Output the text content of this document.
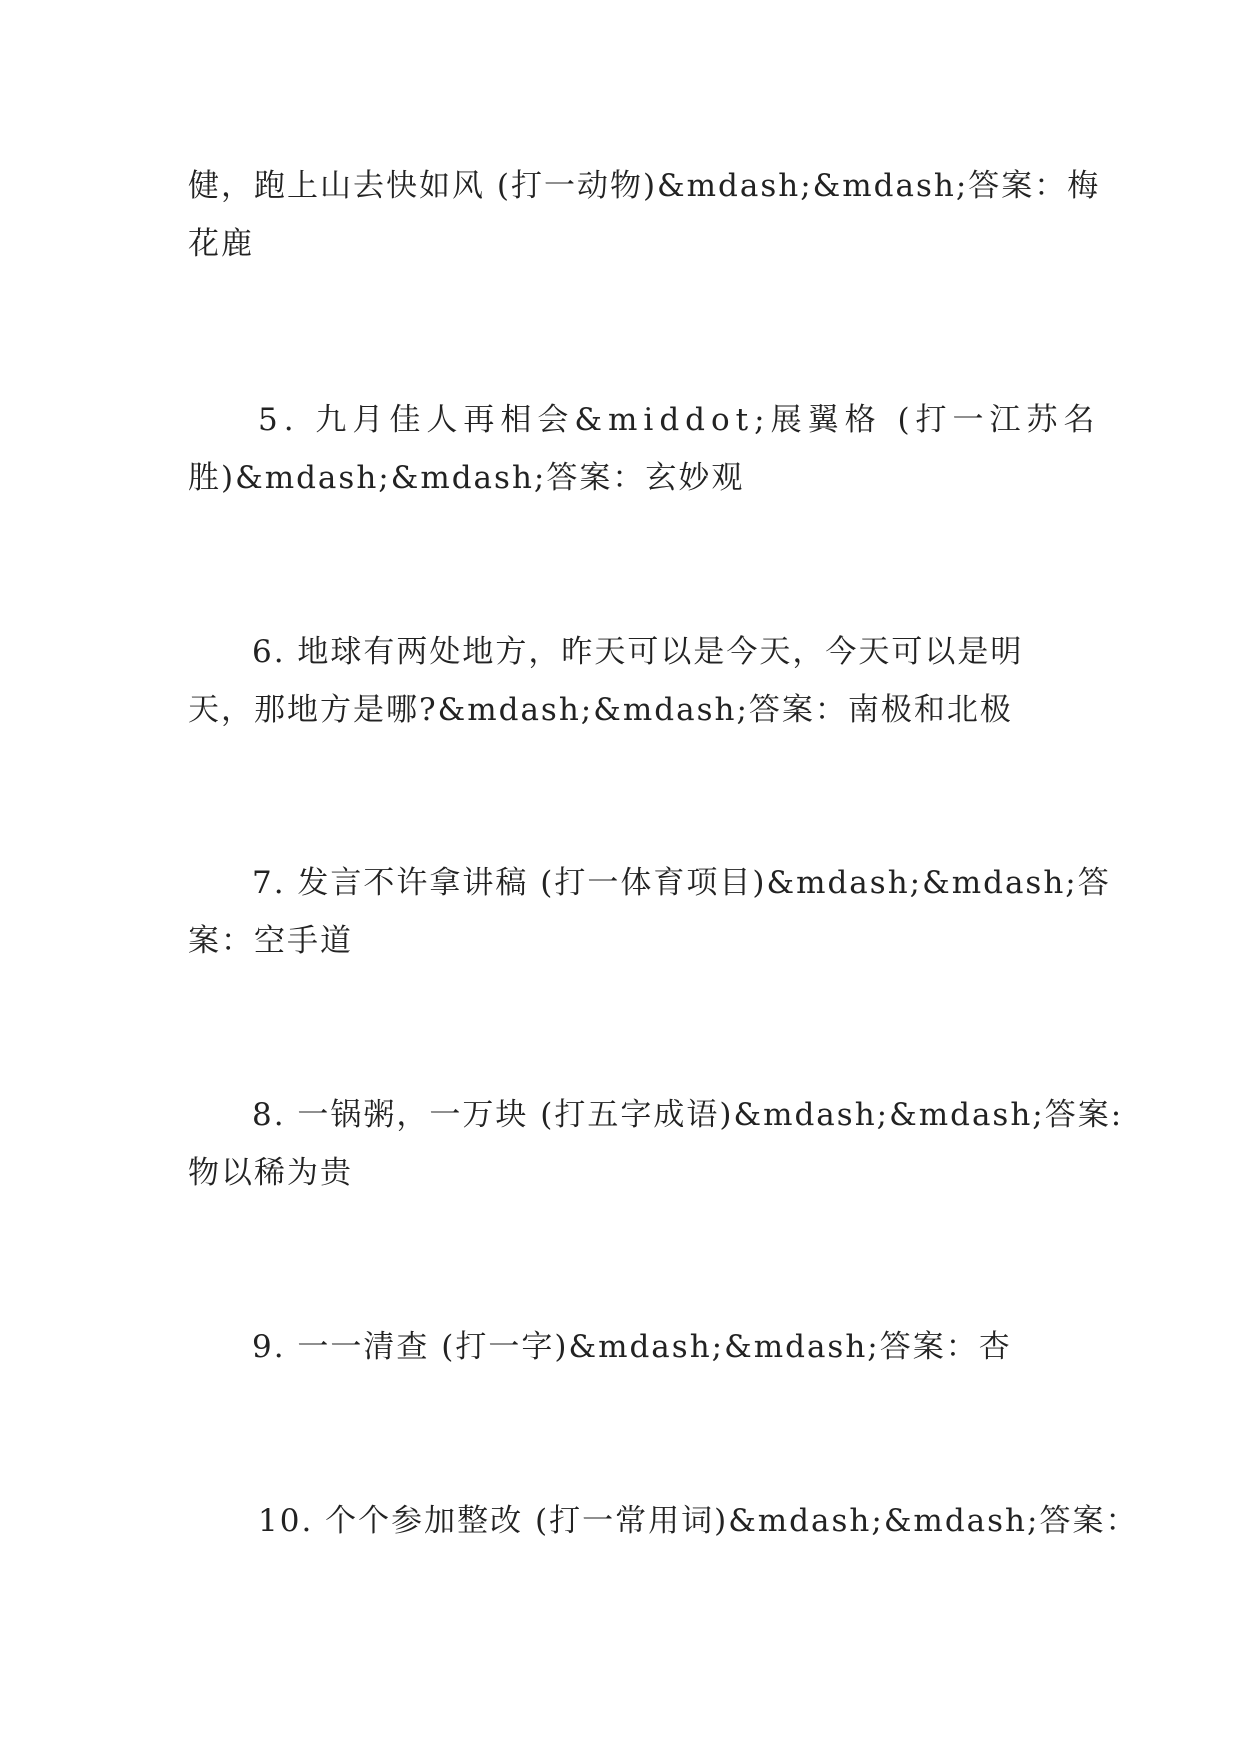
健，跑上山去快如风 (打一动物)&mdash;&mdash;答案：梅
花鹿
5. 九月佳人再相会&middot;展翼格 (打一江苏名
胜)&mdash;&mdash;答案：玄妙观
6. 地球有两处地方，昨天可以是今天，今天可以是明
天，那地方是哪?&mdash;&mdash;答案：南极和北极
7. 发言不许拿讲稿 (打一体育项目)&mdash;&mdash;答
案：空手道
8. 一锅粥，一万块 (打五字成语)&mdash;&mdash;答案:
物以稀为贵
9. 一一清查 (打一字)&mdash;&mdash;答案：杏
10. 个个参加整改 (打一常用词)&mdash;&mdash;答案：
